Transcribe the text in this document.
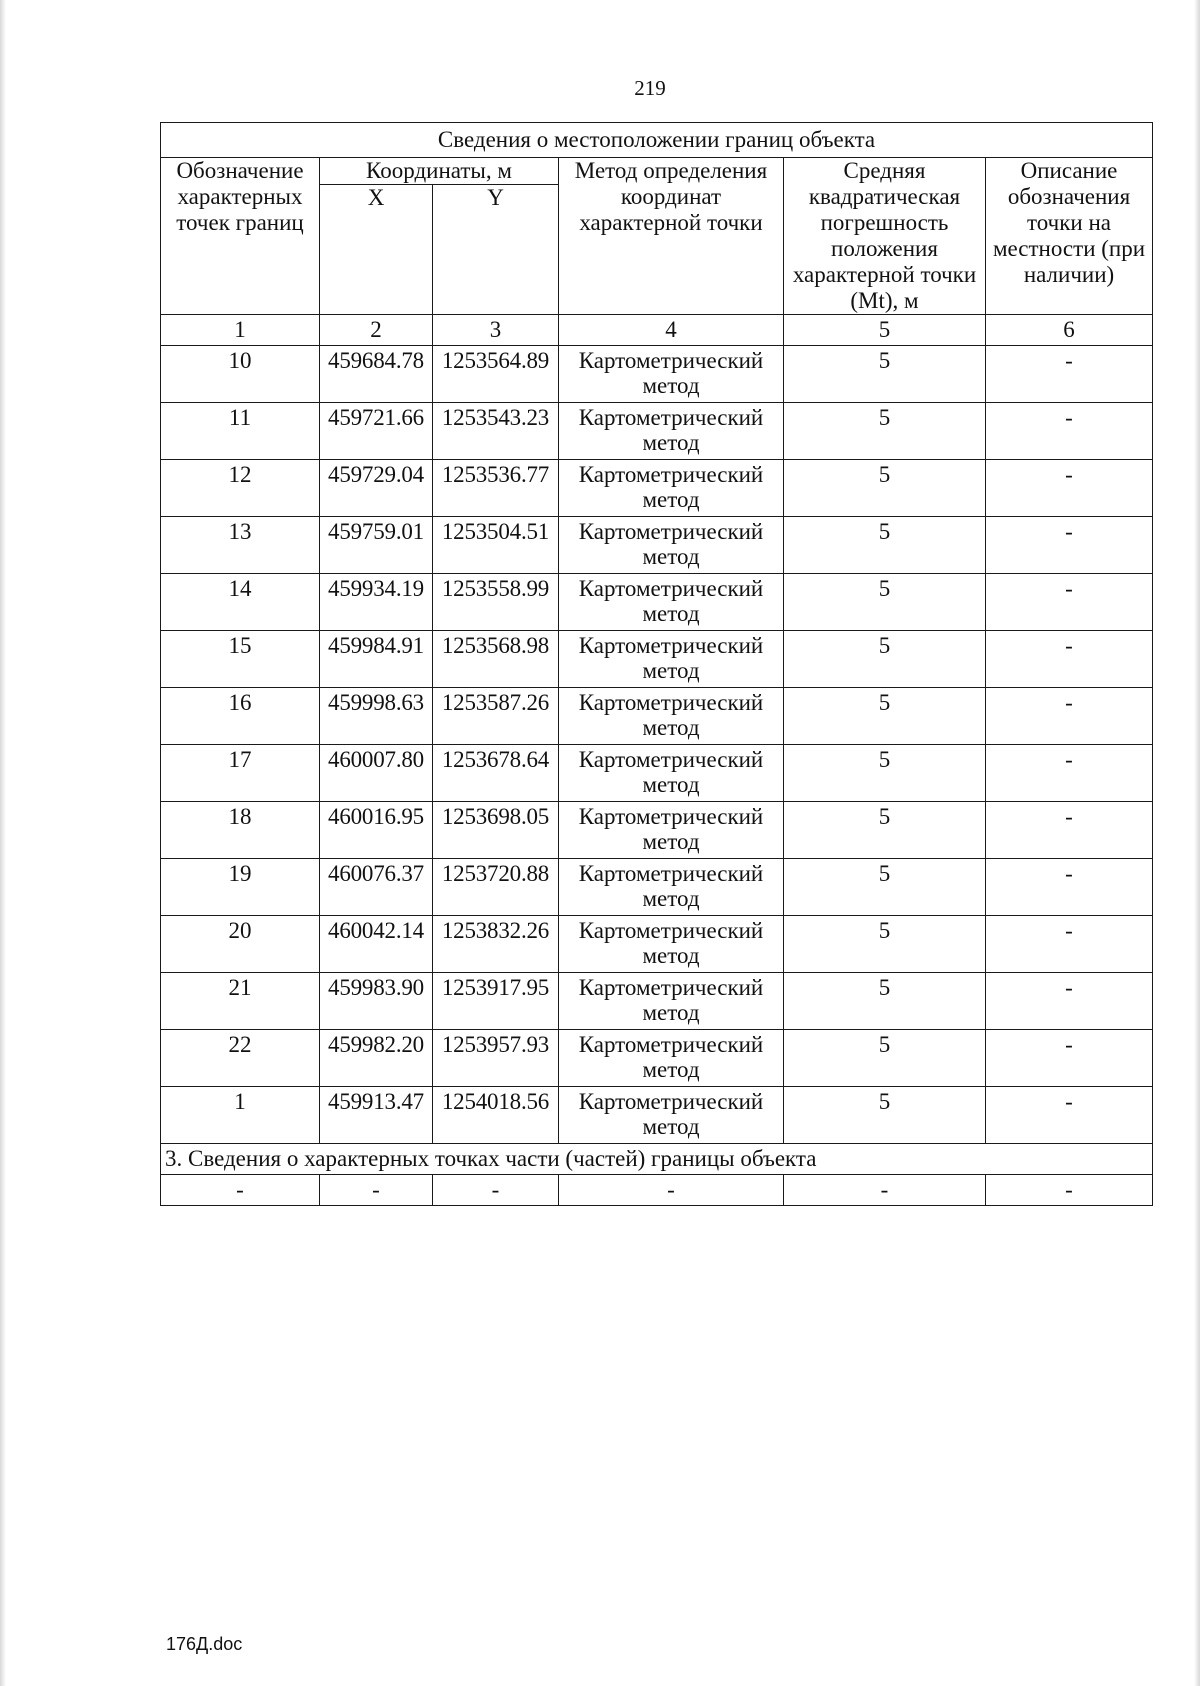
219
Сведения о местоположении границ объекта					
Обозначение характерных точек границ	Координаты, м		Метод определения координат характерной точки	Средняя квадратическая погрешность положения характерной точки (Mt), м	Описание обозначения точки на местности (при наличии)
	X	Y			
1	2	3	4	5	6
10	459684.78	1253564.89	Картометрический метод	5	-
11	459721.66	1253543.23	Картометрический метод	5	-
12	459729.04	1253536.77	Картометрический метод	5	-
13	459759.01	1253504.51	Картометрический метод	5	-
14	459934.19	1253558.99	Картометрический метод	5	-
15	459984.91	1253568.98	Картометрический метод	5	-
16	459998.63	1253587.26	Картометрический метод	5	-
17	460007.80	1253678.64	Картометрический метод	5	-
18	460016.95	1253698.05	Картометрический метод	5	-
19	460076.37	1253720.88	Картометрический метод	5	-
20	460042.14	1253832.26	Картометрический метод	5	-
21	459983.90	1253917.95	Картометрический метод	5	-
22	459982.20	1253957.93	Картометрический метод	5	-
1	459913.47	1254018.56	Картометрический метод	5	-
3. Сведения о характерных точках части (частей) границы объекта					
-	-	-	-	-	-
176Д.doc
